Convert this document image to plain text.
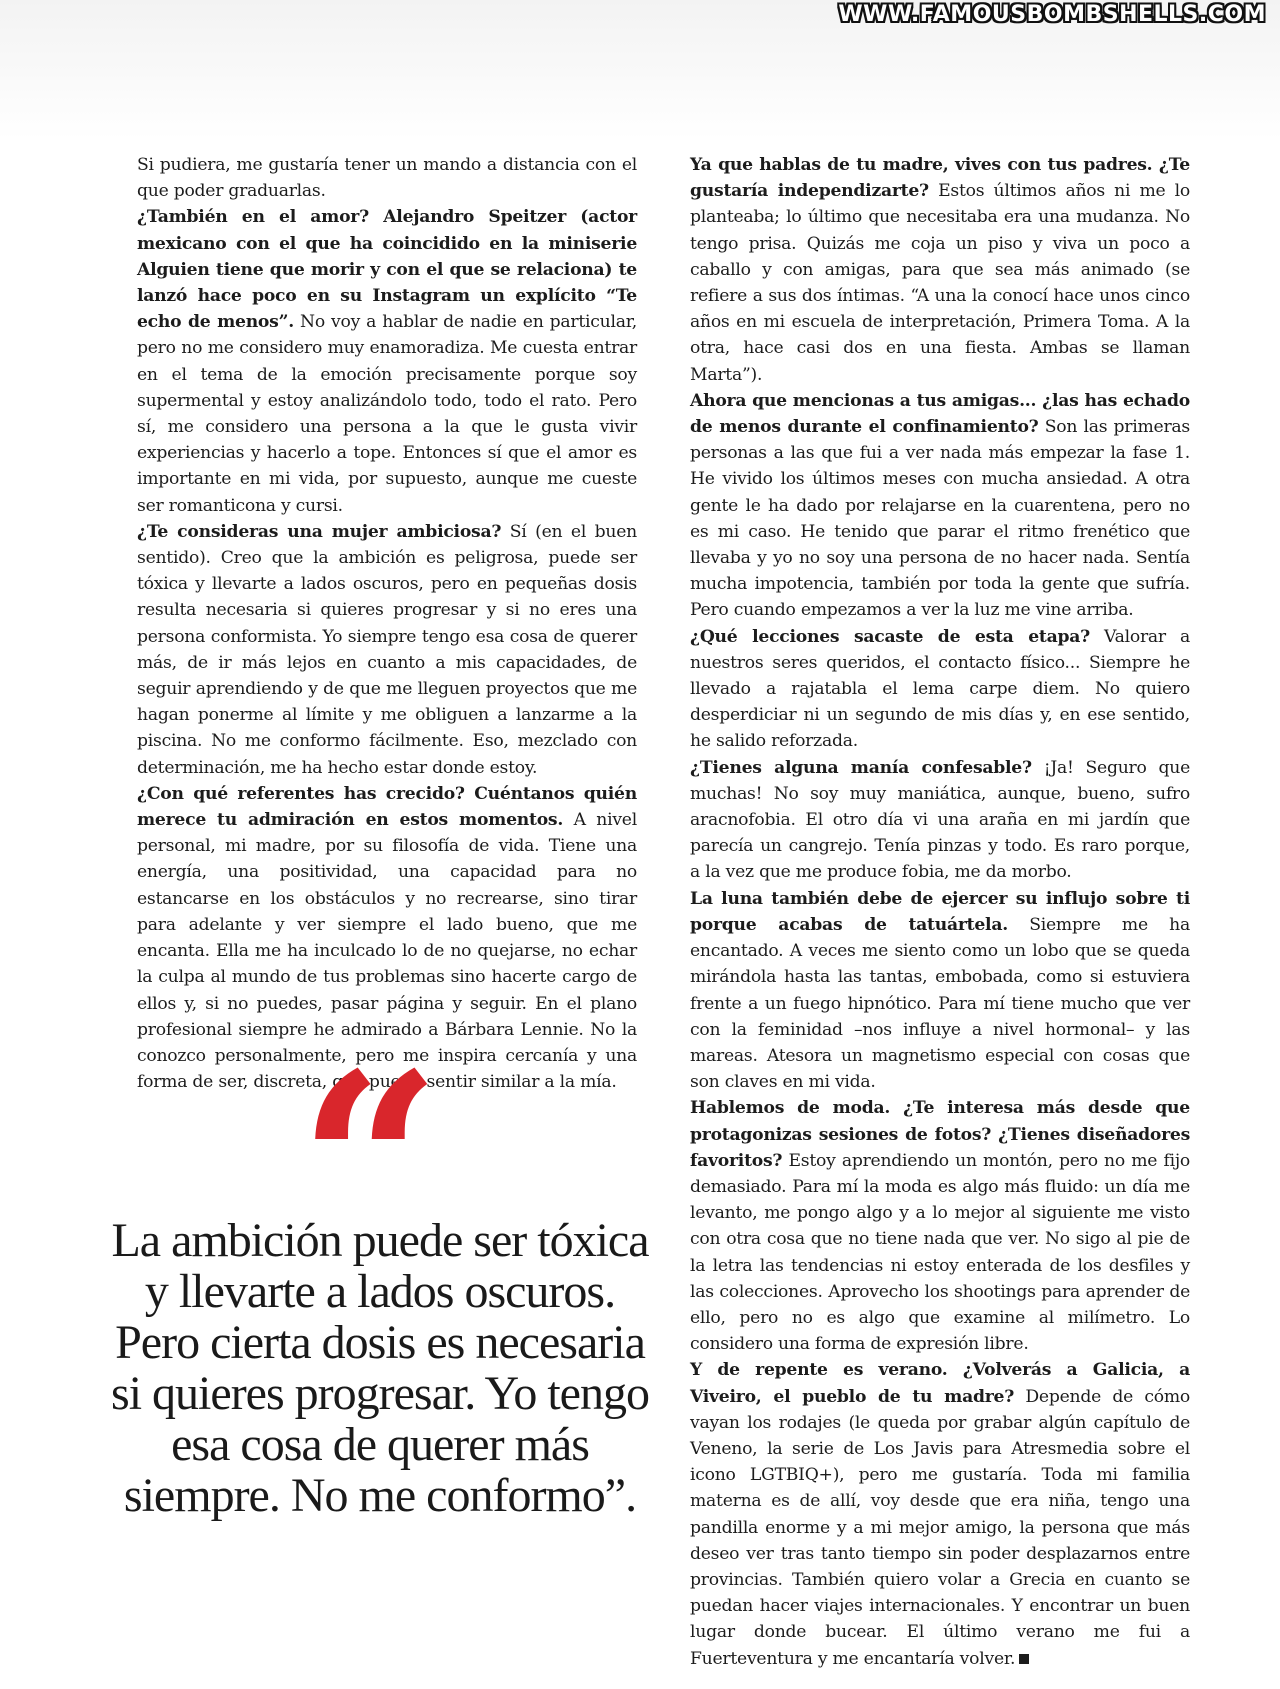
WWW.FAMOUSBOMBSHELLS.COM

Si pudiera, me gustaría tener un mando a distancia con el que poder graduarlas.

¿También en el amor? Alejandro Speitzer (actor mexicano con el que ha coincidido en la miniserie Alguien tiene que morir y con el que se relaciona) te lanzó hace poco en su Instagram un explícito “Te echo de menos”. No voy a hablar de nadie en particular, pero no me considero muy enamoradiza. Me cuesta entrar en el tema de la emoción precisamente porque soy supermental y estoy analizándolo todo, todo el rato. Pero sí, me considero una persona a la que le gusta vivir experiencias y hacerlo a tope. Entonces sí que el amor es importante en mi vida, por supuesto, aunque me cueste ser romanticona y cursi.

¿Te consideras una mujer ambiciosa? Sí (en el buen sentido). Creo que la ambición es peligrosa, puede ser tóxica y llevarte a lados oscuros, pero en pequeñas dosis resulta necesaria si quieres progresar y si no eres una persona conformista. Yo siempre tengo esa cosa de querer más, de ir más lejos en cuanto a mis capacidades, de seguir aprendiendo y de que me lleguen proyectos que me hagan ponerme al límite y me obliguen a lanzarme a la piscina. No me conformo fácilmente. Eso, mezclado con determinación, me ha hecho estar donde estoy.

¿Con qué referentes has crecido? Cuéntanos quién merece tu admiración en estos momentos. A nivel personal, mi madre, por su filosofía de vida. Tiene una energía, una positividad, una capacidad para no estancarse en los obstáculos y no recrearse, sino tirar para adelante y ver siempre el lado bueno, que me encanta. Ella me ha inculcado lo de no quejarse, no echar la culpa al mundo de tus problemas sino hacerte cargo de ellos y, si no puedes, pasar página y seguir. En el plano profesional siempre he admirado a Bárbara Lennie. No la conozco personalmente, pero me inspira cercanía y una forma de ser, discreta, que puedo sentir similar a la mía.

“
La ambición puede ser tóxica y llevarte a lados oscuros. Pero cierta dosis es necesaria si quieres progresar. Yo tengo esa cosa de querer más siempre. No me conformo”.

Ya que hablas de tu madre, vives con tus padres. ¿Te gustaría independizarte? Estos últimos años ni me lo planteaba; lo último que necesitaba era una mudanza. No tengo prisa. Quizás me coja un piso y viva un poco a caballo y con amigas, para que sea más animado (se refiere a sus dos íntimas. “A una la conocí hace unos cinco años en mi escuela de interpretación, Primera Toma. A la otra, hace casi dos en una fiesta. Ambas se llaman Marta”).

Ahora que mencionas a tus amigas... ¿las has echado de menos durante el confinamiento? Son las primeras personas a las que fui a ver nada más empezar la fase 1. He vivido los últimos meses con mucha ansiedad. A otra gente le ha dado por relajarse en la cuarentena, pero no es mi caso. He tenido que parar el ritmo frenético que llevaba y yo no soy una persona de no hacer nada. Sentía mucha impotencia, también por toda la gente que sufría. Pero cuando empezamos a ver la luz me vine arriba.

¿Qué lecciones sacaste de esta etapa? Valorar a nuestros seres queridos, el contacto físico... Siempre he llevado a rajatabla el lema carpe diem. No quiero desperdiciar ni un segundo de mis días y, en ese sentido, he salido reforzada.

¿Tienes alguna manía confesable? ¡Ja! Seguro que muchas! No soy muy maniática, aunque, bueno, sufro aracnofobia. El otro día vi una araña en mi jardín que parecía un cangrejo. Tenía pinzas y todo. Es raro porque, a la vez que me produce fobia, me da morbo.

La luna también debe de ejercer su influjo sobre ti porque acabas de tatuártela. Siempre me ha encantado. A veces me siento como un lobo que se queda mirándola hasta las tantas, embobada, como si estuviera frente a un fuego hipnótico. Para mí tiene mucho que ver con la feminidad –nos influye a nivel hormonal– y las mareas. Atesora un magnetismo especial con cosas que son claves en mi vida.

Hablemos de moda. ¿Te interesa más desde que protagonizas sesiones de fotos? ¿Tienes diseñadores favoritos? Estoy aprendiendo un montón, pero no me fijo demasiado. Para mí la moda es algo más fluido: un día me levanto, me pongo algo y a lo mejor al siguiente me visto con otra cosa que no tiene nada que ver. No sigo al pie de la letra las tendencias ni estoy enterada de los desfiles y las colecciones. Aprovecho los shootings para aprender de ello, pero no es algo que examine al milímetro. Lo considero una forma de expresión libre.

Y de repente es verano. ¿Volverás a Galicia, a Viveiro, el pueblo de tu madre? Depende de cómo vayan los rodajes (le queda por grabar algún capítulo de Veneno, la serie de Los Javis para Atresmedia sobre el icono LGTBIQ+), pero me gustaría. Toda mi familia materna es de allí, voy desde que era niña, tengo una pandilla enorme y a mi mejor amigo, la persona que más deseo ver tras tanto tiempo sin poder desplazarnos entre provincias. También quiero volar a Grecia en cuanto se puedan hacer viajes internacionales. Y encontrar un buen lugar donde bucear. El último verano me fui a Fuerteventura y me encantaría volver.
